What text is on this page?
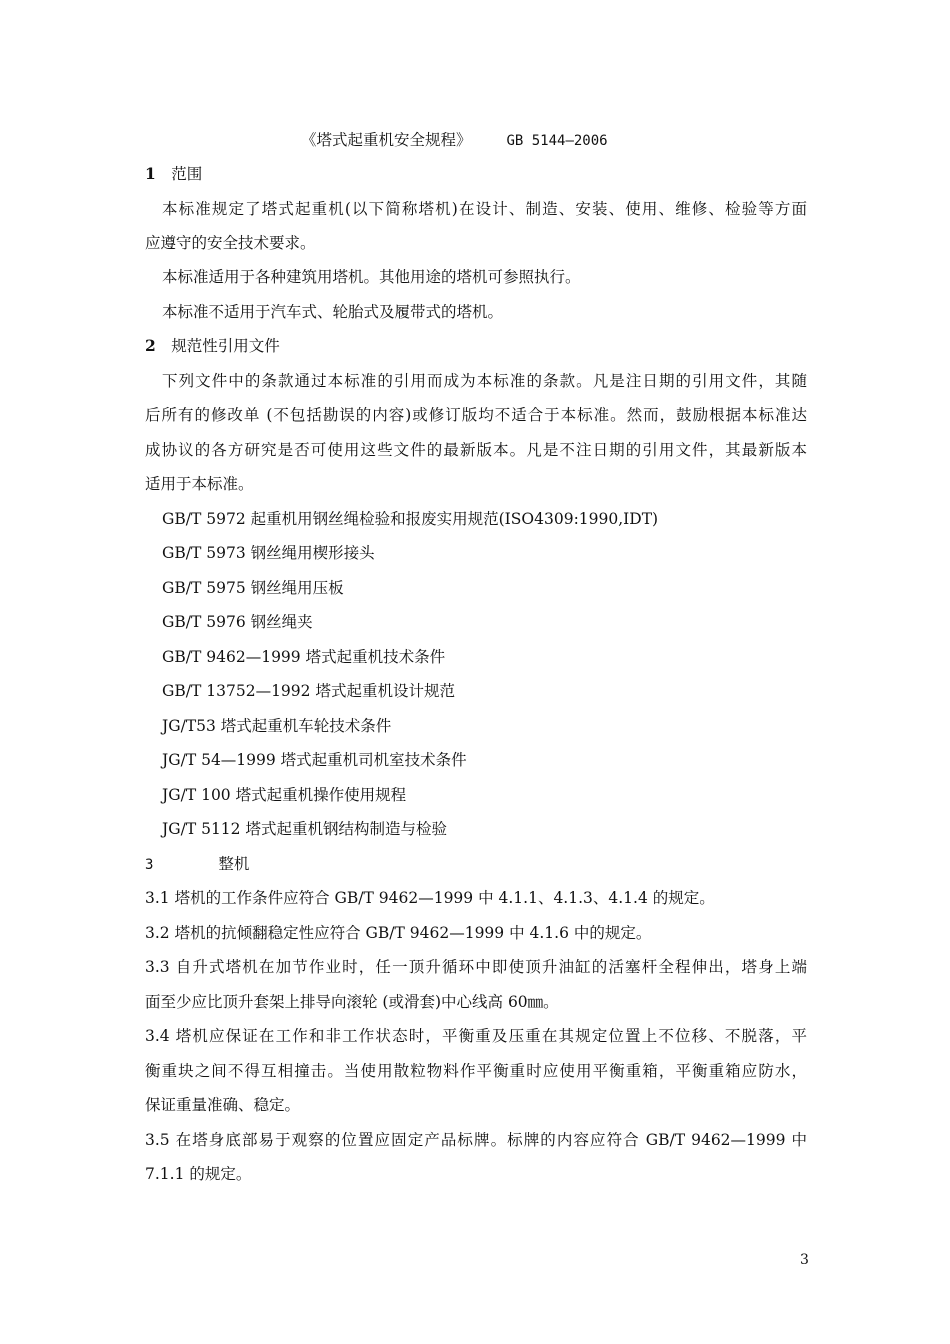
《塔式起重机安全规程》 GB 5144—2006
1 范围
本标准规定了塔式起重机(以下简称塔机)在设计、制造、安装、使用、维修、检验等方面
应遵守的安全技术要求。
本标准适用于各种建筑用塔机。其他用途的塔机可参照执行。
本标准不适用于汽车式、轮胎式及履带式的塔机。
2 规范性引用文件
下列文件中的条款通过本标准的引用而成为本标准的条款。凡是注日期的引用文件，其随
后所有的修改单 (不包括勘误的内容)或修订版均不适合于本标准。然而，鼓励根据本标准达
成协议的各方研究是否可使用这些文件的最新版本。凡是不注日期的引用文件，其最新版本
适用于本标准。
GB/T 5972 起重机用钢丝绳检验和报废实用规范(ISO4309:1990,IDT)
GB/T 5973 钢丝绳用楔形接头
GB/T 5975 钢丝绳用压板
GB/T 5976 钢丝绳夹
GB/T 9462—1999 塔式起重机技术条件
GB/T 13752—1992 塔式起重机设计规范
JG/T53 塔式起重机车轮技术条件
JG/T 54—1999 塔式起重机司机室技术条件
JG/T 100 塔式起重机操作使用规程
JG/T 5112 塔式起重机钢结构制造与检验
3	整机
3.1 塔机的工作条件应符合 GB/T 9462—1999 中 4.1.1、4.1.3、4.1.4 的规定。
3.2 塔机的抗倾翻稳定性应符合 GB/T 9462—1999 中 4.1.6 中的规定。
3.3 自升式塔机在加节作业时，任一顶升循环中即使顶升油缸的活塞杆全程伸出，塔身上端
面至少应比顶升套架上排导向滚轮 (或滑套)中心线高 60㎜。
3.4 塔机应保证在工作和非工作状态时，平衡重及压重在其规定位置上不位移、不脱落，平
衡重块之间不得互相撞击。当使用散粒物料作平衡重时应使用平衡重箱，平衡重箱应防水，
保证重量准确、稳定。
3.5 在塔身底部易于观察的位置应固定产品标牌。标牌的内容应符合 GB/T 9462—1999 中
7.1.1 的规定。
3
